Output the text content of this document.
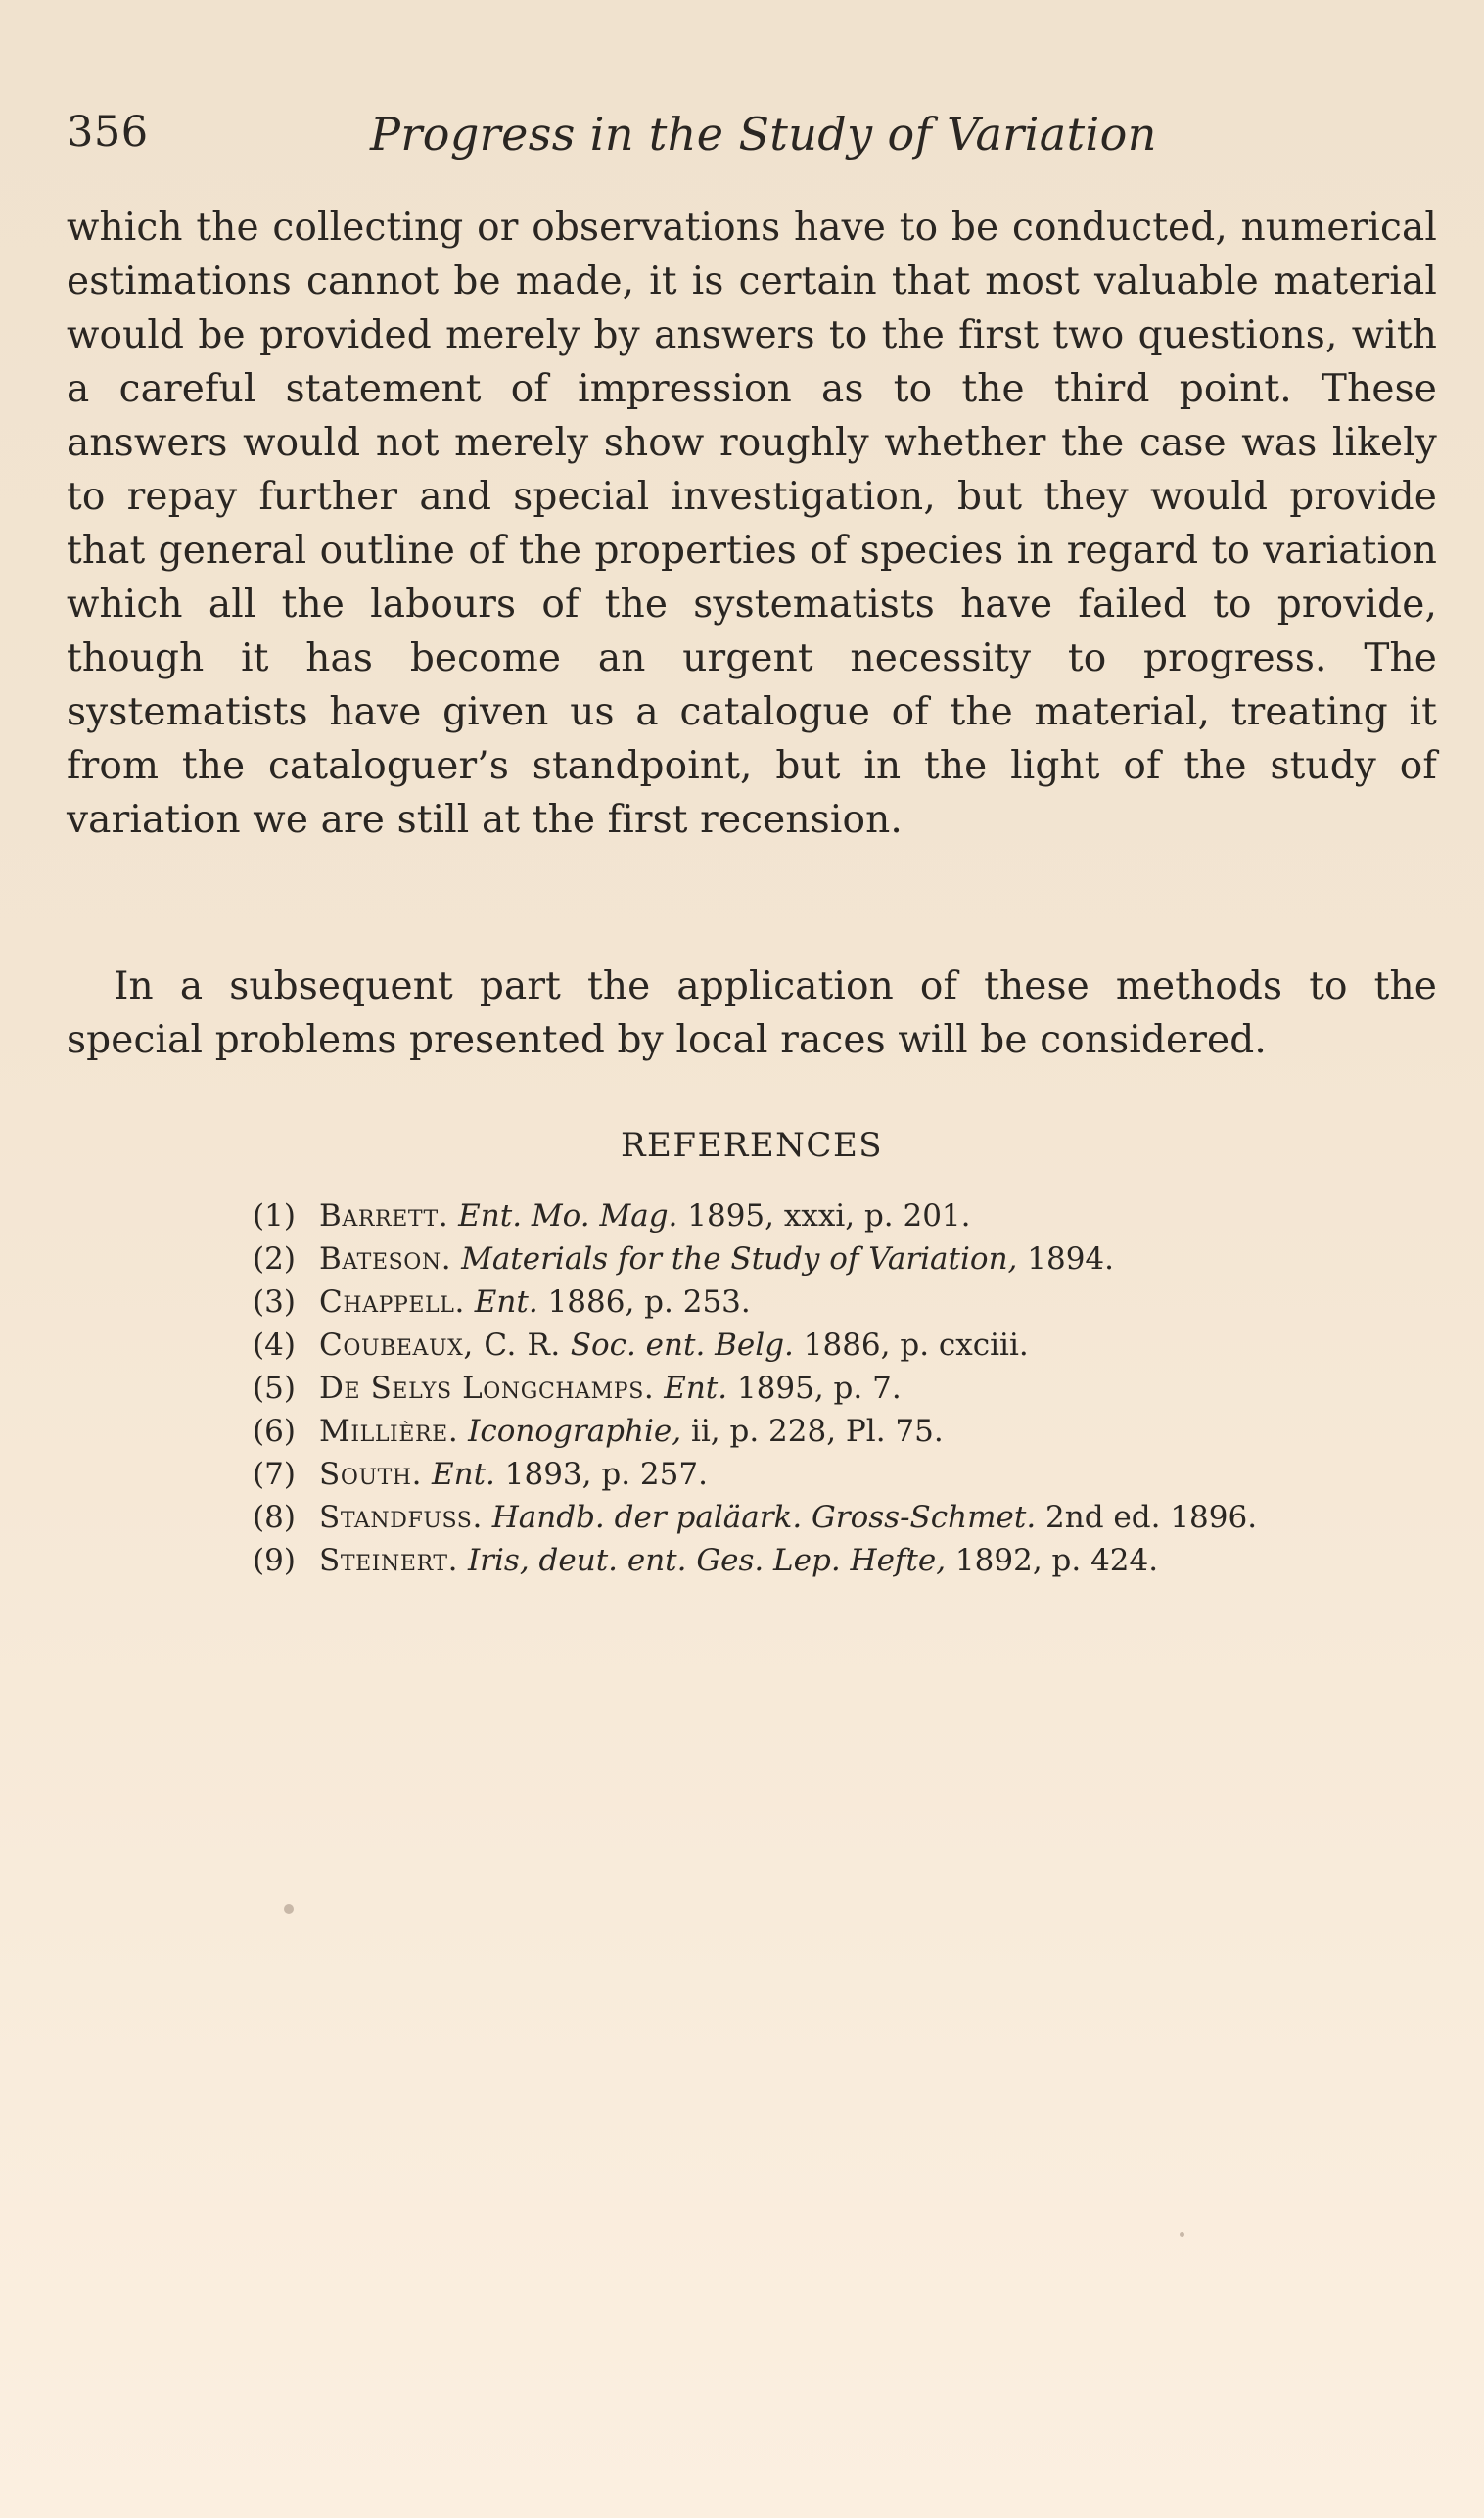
356	Progress in the Study of Variation

which the collecting or observations have to be conducted, numerical estimations cannot be made, it is certain that most valuable material would be provided merely by answers to the first two questions, with a careful statement of impression as to the third point. These answers would not merely show roughly whether the case was likely to repay further and special investigation, but they would provide that general outline of the properties of species in regard to variation which all the labours of the systematists have failed to provide, though it has become an urgent necessity to progress. The systematists have given us a catalogue of the material, treating it from the cataloguer’s standpoint, but in the light of the study of variation we are still at the first recension.

In a subsequent part the application of these methods to the special problems presented by local races will be considered.

REFERENCES
(1) Barrett. Ent. Mo. Mag. 1895, xxxi, p. 201.
(2) Bateson. Materials for the Study of Variation, 1894.
(3) Chappell. Ent. 1886, p. 253.
(4) Coubeaux, C. R. Soc. ent. Belg. 1886, p. cxciii.
(5) De Selys Longchamps. Ent. 1895, p. 7.
(6) Millière. Iconographie, ii, p. 228, Pl. 75.
(7) South. Ent. 1893, p. 257.
(8) Standfuss. Handb. der paläark. Gross-Schmet. 2nd ed. 1896.
(9) Steinert. Iris, deut. ent. Ges. Lep. Hefte, 1892, p. 424.
